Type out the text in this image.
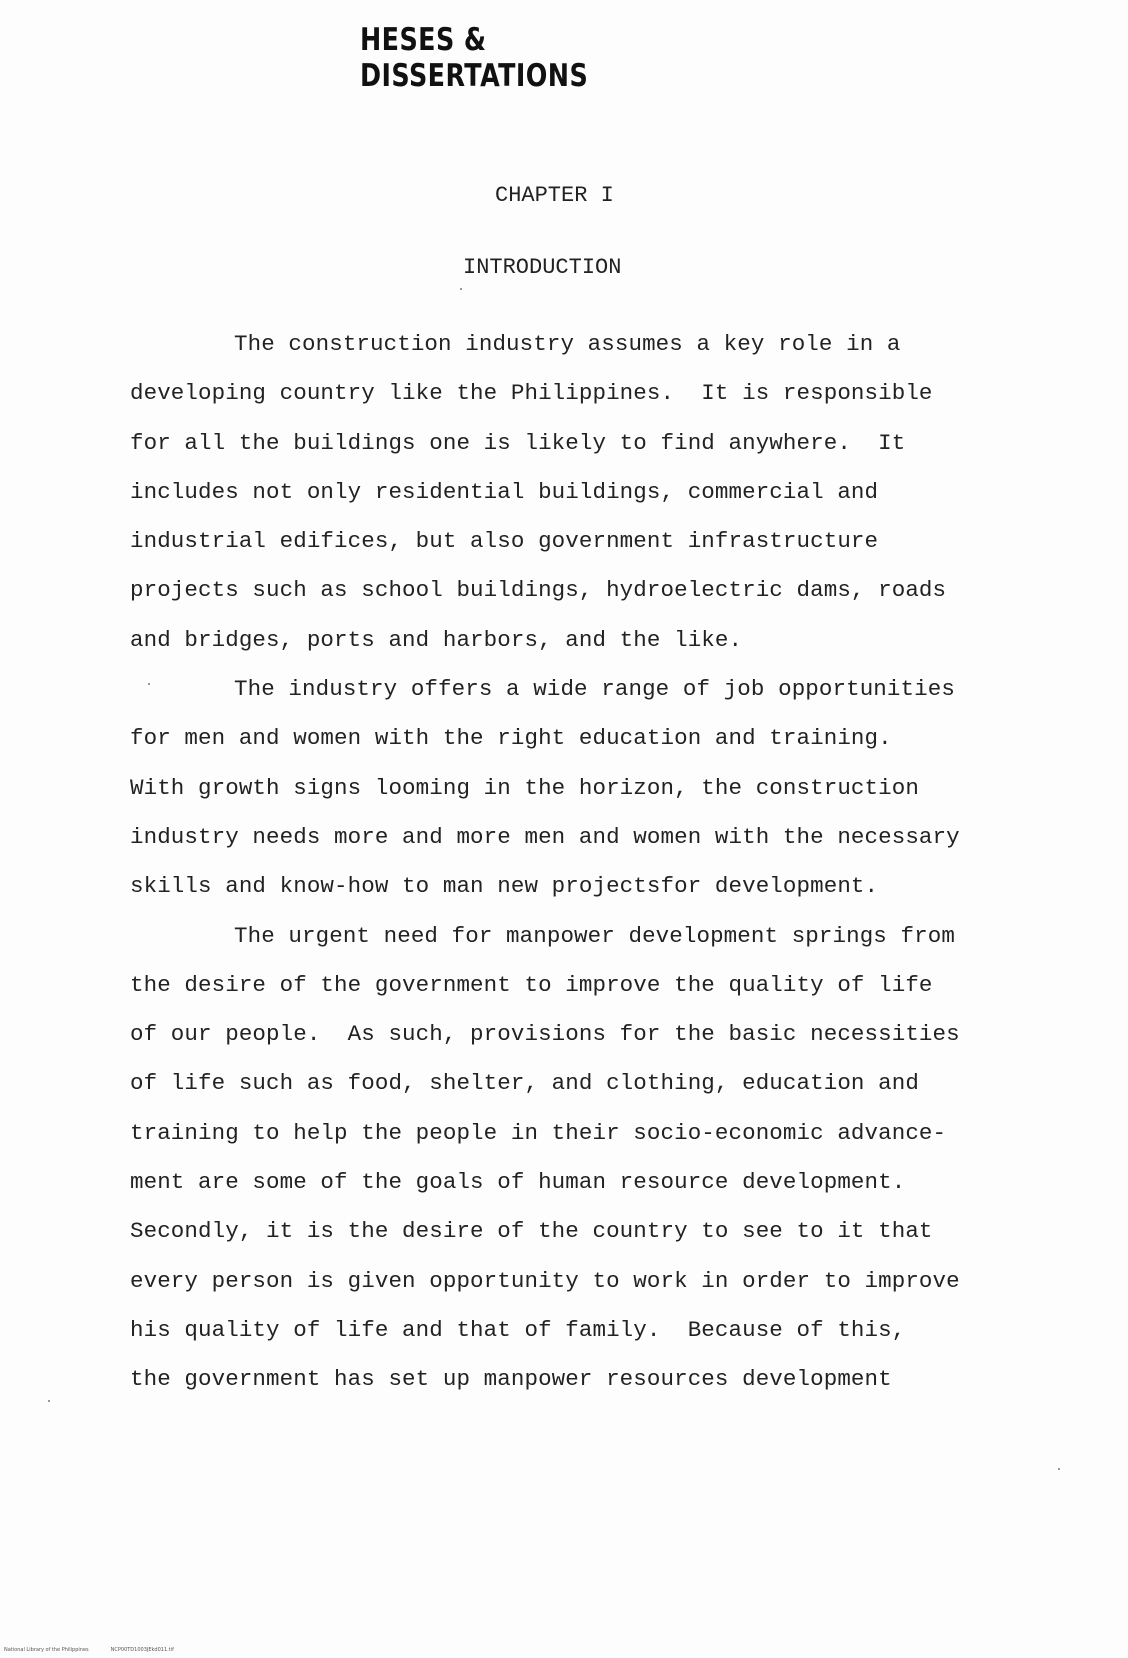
HESES & DISSERTATIONS
CHAPTER I
INTRODUCTION
The construction industry assumes a key role in a
developing country like the Philippines.  It is responsible
for all the buildings one is likely to find anywhere.  It
includes not only residential buildings, commercial and
industrial edifices, but also government infrastructure
projects such as school buildings, hydroelectric dams, roads
and bridges, ports and harbors, and the like.
The industry offers a wide range of job opportunities
for men and women with the right education and training.
With growth signs looming in the horizon, the construction
industry needs more and more men and women with the necessary
skills and know-how to man new projectsfor development.
The urgent need for manpower development springs from
the desire of the government to improve the quality of life
of our people.  As such, provisions for the basic necessities
of life such as food, shelter, and clothing, education and
training to help the people in their socio-economic advance-
ment are some of the goals of human resource development.
Secondly, it is the desire of the country to see to it that
every person is given opportunity to work in order to improve
his quality of life and that of family.  Because of this,
the government has set up manpower resources development
National Library of the Philippines	NCP00TD1003JEkd011.tif
